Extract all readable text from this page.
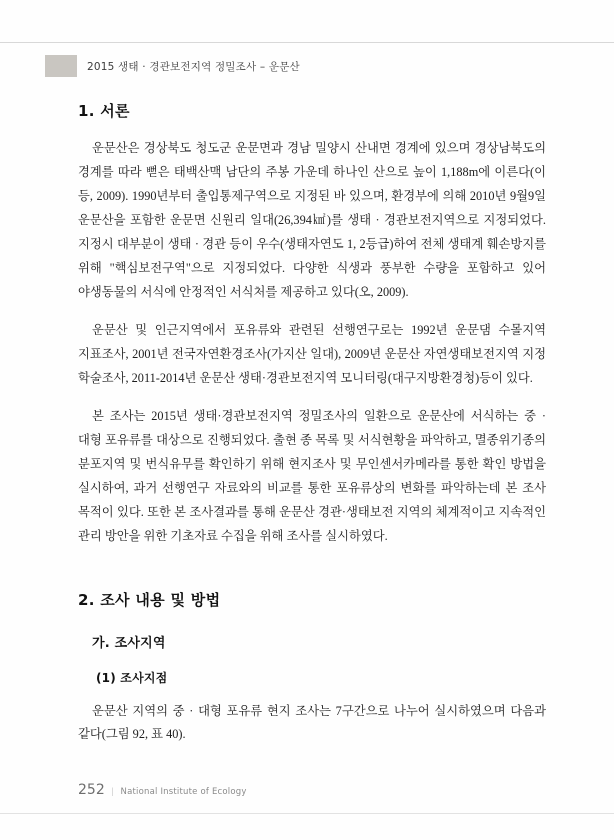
2015 생태 · 경관보전지역 정밀조사 – 운문산
1. 서론

운문산은 경상북도 청도군 운문면과 경남 밀양시 산내면 경계에 있으며 경상남북도의 경계를 따라 뻗은 태백산맥 남단의 주봉 가운데 하나인 산으로 높이 1,188m에 이른다(이 등, 2009). 1990년부터 출입통제구역으로 지정된 바 있으며, 환경부에 의해 2010년 9월9일 운문산을 포함한 운문면 신원리 일대(26,394㎢)를 생태 · 경관보전지역으로 지정되었다. 지정시 대부분이 생태 · 경관 등이 우수(생태자연도 1, 2등급)하여 전체 생태계 훼손방지를 위해 "핵심보전구역"으로 지정되었다. 다양한 식생과 풍부한 수량을 포함하고 있어 야생동물의 서식에 안정적인 서식처를 제공하고 있다(오, 2009).

운문산 및 인근지역에서 포유류와 관련된 선행연구로는 1992년 운문댐 수몰지역 지표조사, 2001년 전국자연환경조사(가지산 일대), 2009년 운문산 자연생태보전지역 지정 학술조사, 2011-2014년 운문산 생태·경관보전지역 모니터링(대구지방환경청)등이 있다.

본 조사는 2015년 생태·경관보전지역 정밀조사의 일환으로 운문산에 서식하는 중 · 대형 포유류를 대상으로 진행되었다. 출현 종 목록 및 서식현황을 파악하고, 멸종위기종의 분포지역 및 번식유무를 확인하기 위해 현지조사 및 무인센서카메라를 통한 확인 방법을 실시하여, 과거 선행연구 자료와의 비교를 통한 포유류상의 변화를 파악하는데 본 조사 목적이 있다. 또한 본 조사결과를 통해 운문산 경관·생태보전 지역의 체계적이고 지속적인 관리 방안을 위한 기초자료 수집을 위해 조사를 실시하였다.

2. 조사 내용 및 방법
가. 조사지역
(1) 조사지점

운문산 지역의 중 · 대형 포유류 현지 조사는 7구간으로 나누어 실시하였으며 다음과 같다(그림 92, 표 40).

252 | National Institute of Ecology
